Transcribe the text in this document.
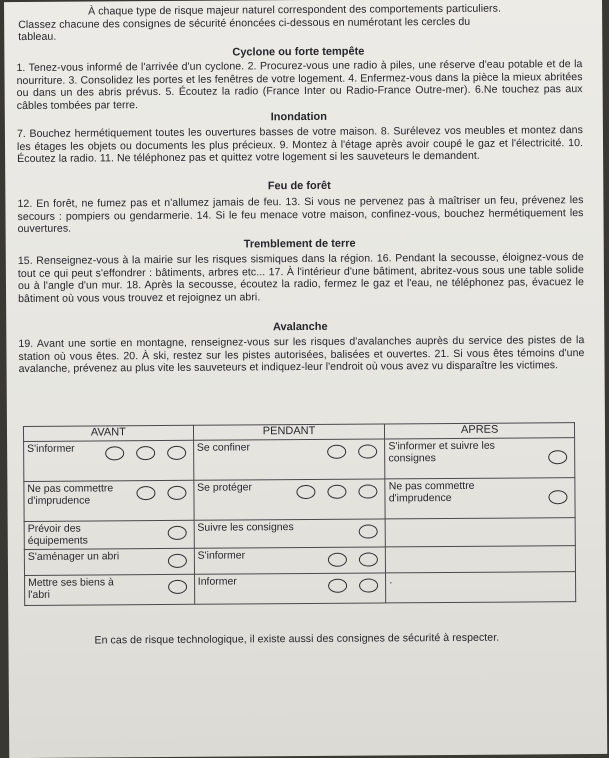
À chaque type de risque majeur naturel correspondent des comportements particuliers.
Classez chacune des consignes de sécurité énoncées ci-dessous en numérotant les cercles du
tableau.
Cyclone ou forte tempête
1. Tenez-vous informé de l'arrivée d'un cyclone. 2. Procurez-vous une radio à piles, une réserve d'eau potable et de la nourriture. 3. Consolidez les portes et les fenêtres de votre logement. 4. Enfermez-vous dans la pièce la mieux abritées ou dans un des abris prévus. 5. Écoutez la radio (France Inter ou Radio-France Outre-mer). 6.Ne touchez pas aux câbles tombées par terre.
Inondation
7. Bouchez hermétiquement toutes les ouvertures basses de votre maison. 8. Surélevez vos meubles et montez dans les étages les objets ou documents les plus précieux. 9. Montez à l'étage après avoir coupé le gaz et l'électricité. 10. Écoutez la radio. 11. Ne téléphonez pas et quittez votre logement si les sauveteurs le demandent.
Feu de forêt
12. En forêt, ne fumez pas et n'allumez jamais de feu. 13. Si vous ne pervenez pas à maîtriser un feu, prévenez les secours : pompiers ou gendarmerie. 14. Si le feu menace votre maison, confinez-vous, bouchez hermétiquement les ouvertures.
Tremblement de terre
15. Renseignez-vous à la mairie sur les risques sismiques dans la région. 16. Pendant la secousse, éloignez-vous de tout ce qui peut s'effondrer : bâtiments, arbres etc... 17. À l'intérieur d'une bâtiment, abritez-vous sous une table solide ou à l'angle d'un mur. 18. Après la secousse, écoutez la radio, fermez le gaz et l'eau, ne téléphonez pas, évacuez le bâtiment où vous vous trouvez et rejoignez un abri.
Avalanche
19. Avant une sortie en montagne, renseignez-vous sur les risques d'avalanches auprès du service des pistes de la station où vous êtes. 20. À ski, restez sur les pistes autorisées, balisées et ouvertes. 21. Si vous êtes témoins d'une avalanche, prévenez au plus vite les sauveteurs et indiquez-leur l'endroit où vous avez vu disparaître les victimes.
AVANT	PENDANT	APRES

S'informer	Se confiner	S'informer et suivre les consignes

Ne pas commettre d'imprudence	Se protéger	Ne pas commettre d'imprudence

Prévoir des équipements	Suivre les consignes	

S'aménager un abri	S'informer	

Mettre ses biens à l'abri	Informer	.
En cas de risque technologique, il existe aussi des consignes de sécurité à respecter.
